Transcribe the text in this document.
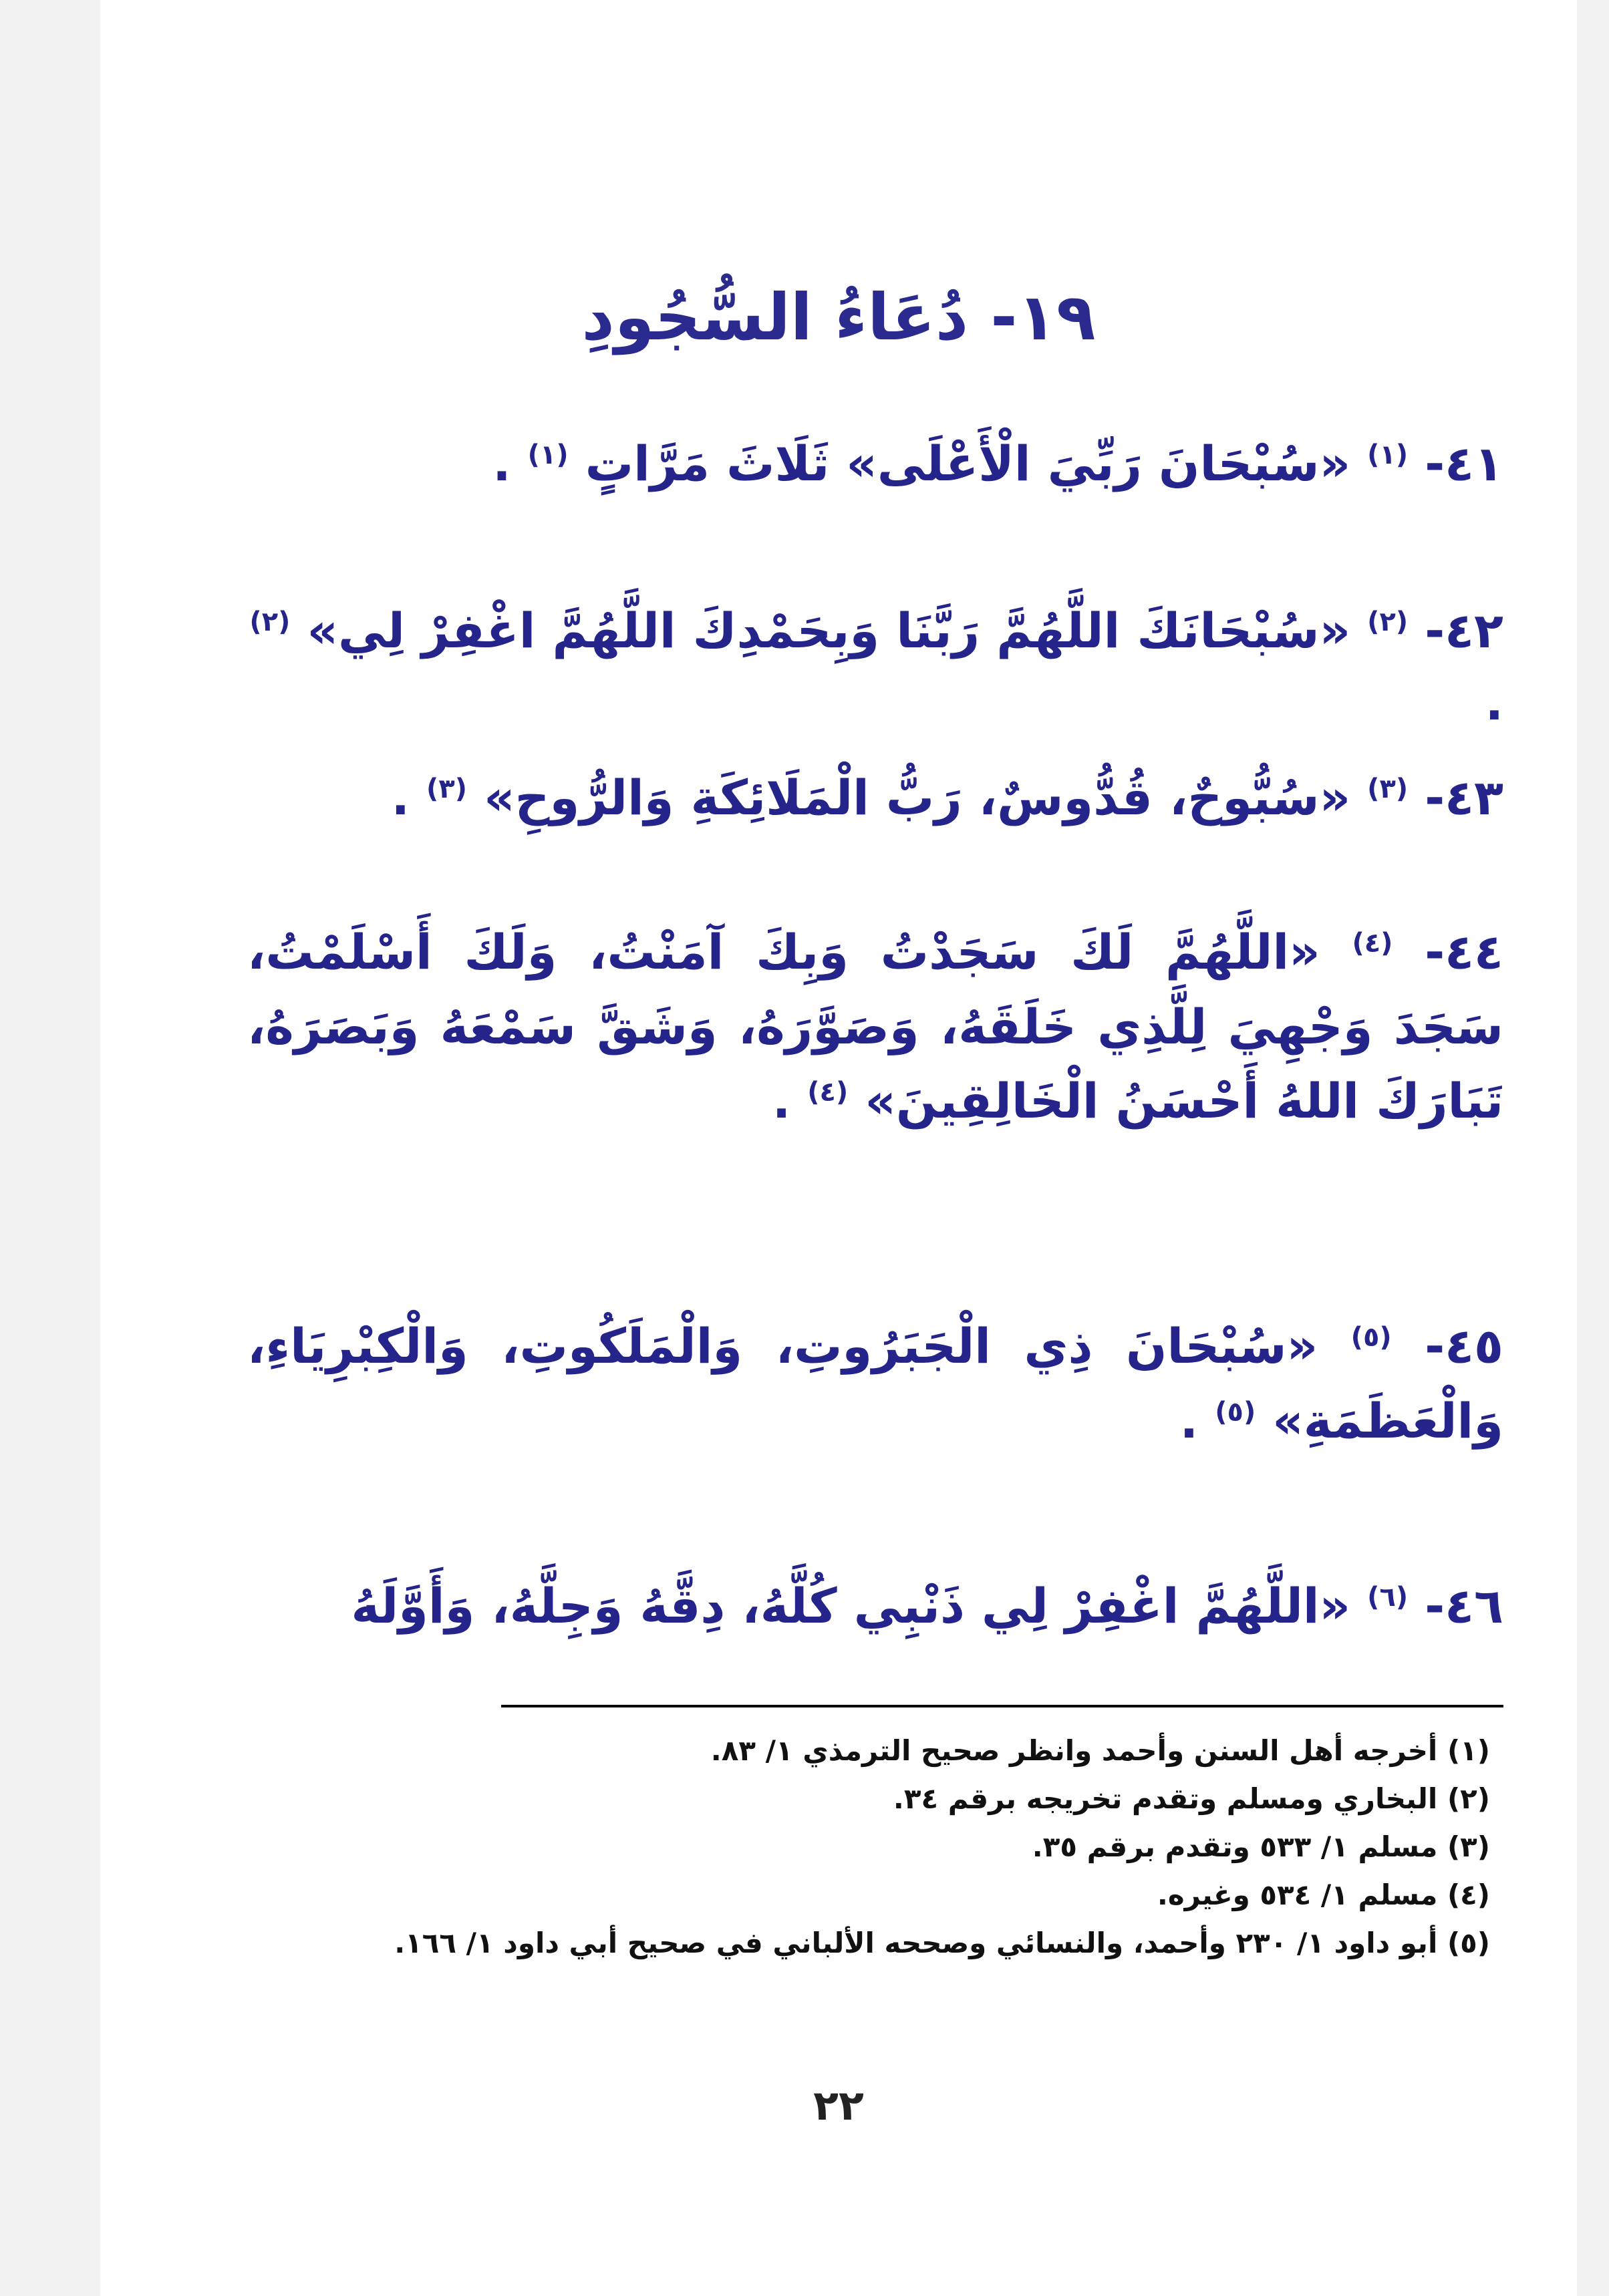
١٩- دُعَاءُ السُّجُودِ
٤١- $^{(١)}$ «سُبْحَانَ رَبِّيَ الْأَعْلَى» ثَلَاثَ مَرَّاتٍ $^{(١)}$ .
٤٢- $^{(٢)}$ «سُبْحَانَكَ اللَّهُمَّ رَبَّنَا وَبِحَمْدِكَ اللَّهُمَّ اغْفِرْ لِي» $^{(٢)}$ .
٤٣- $^{(٣)}$ «سُبُّوحٌ، قُدُّوسٌ، رَبُّ الْمَلَائِكَةِ وَالرُّوحِ» $^{(٣)}$ .
٤٤- $^{(٤)}$ «اللَّهُمَّ لَكَ سَجَدْتُ وَبِكَ آمَنْتُ، وَلَكَ أَسْلَمْتُ، سَجَدَ وَجْهِيَ لِلَّذِي خَلَقَهُ، وَصَوَّرَهُ، وَشَقَّ سَمْعَهُ وَبَصَرَهُ، تَبَارَكَ اللهُ أَحْسَنُ الْخَالِقِينَ» $^{(٤)}$ .
٤٥- $^{(٥)}$ «سُبْحَانَ ذِي الْجَبَرُوتِ، وَالْمَلَكُوتِ، وَالْكِبْرِيَاءِ، وَالْعَظَمَةِ» $^{(٥)}$ .
٤٦- $^{(٦)}$ «اللَّهُمَّ اغْفِرْ لِي ذَنْبِي كُلَّهُ، دِقَّهُ وَجِلَّهُ، وَأَوَّلَهُ
(١) أخرجه أهل السنن وأحمد وانظر صحيح الترمذي ١/ ٨٣.
(٢) البخاري ومسلم وتقدم تخريجه برقم ٣٤.
(٣) مسلم ١/ ٥٣٣ وتقدم برقم ٣٥.
(٤) مسلم ١/ ٥٣٤ وغيره.
(٥) أبو داود ١/ ٢٣٠ وأحمد، والنسائي وصححه الألباني في صحيح أبي داود ١/ ١٦٦.
٢٢
